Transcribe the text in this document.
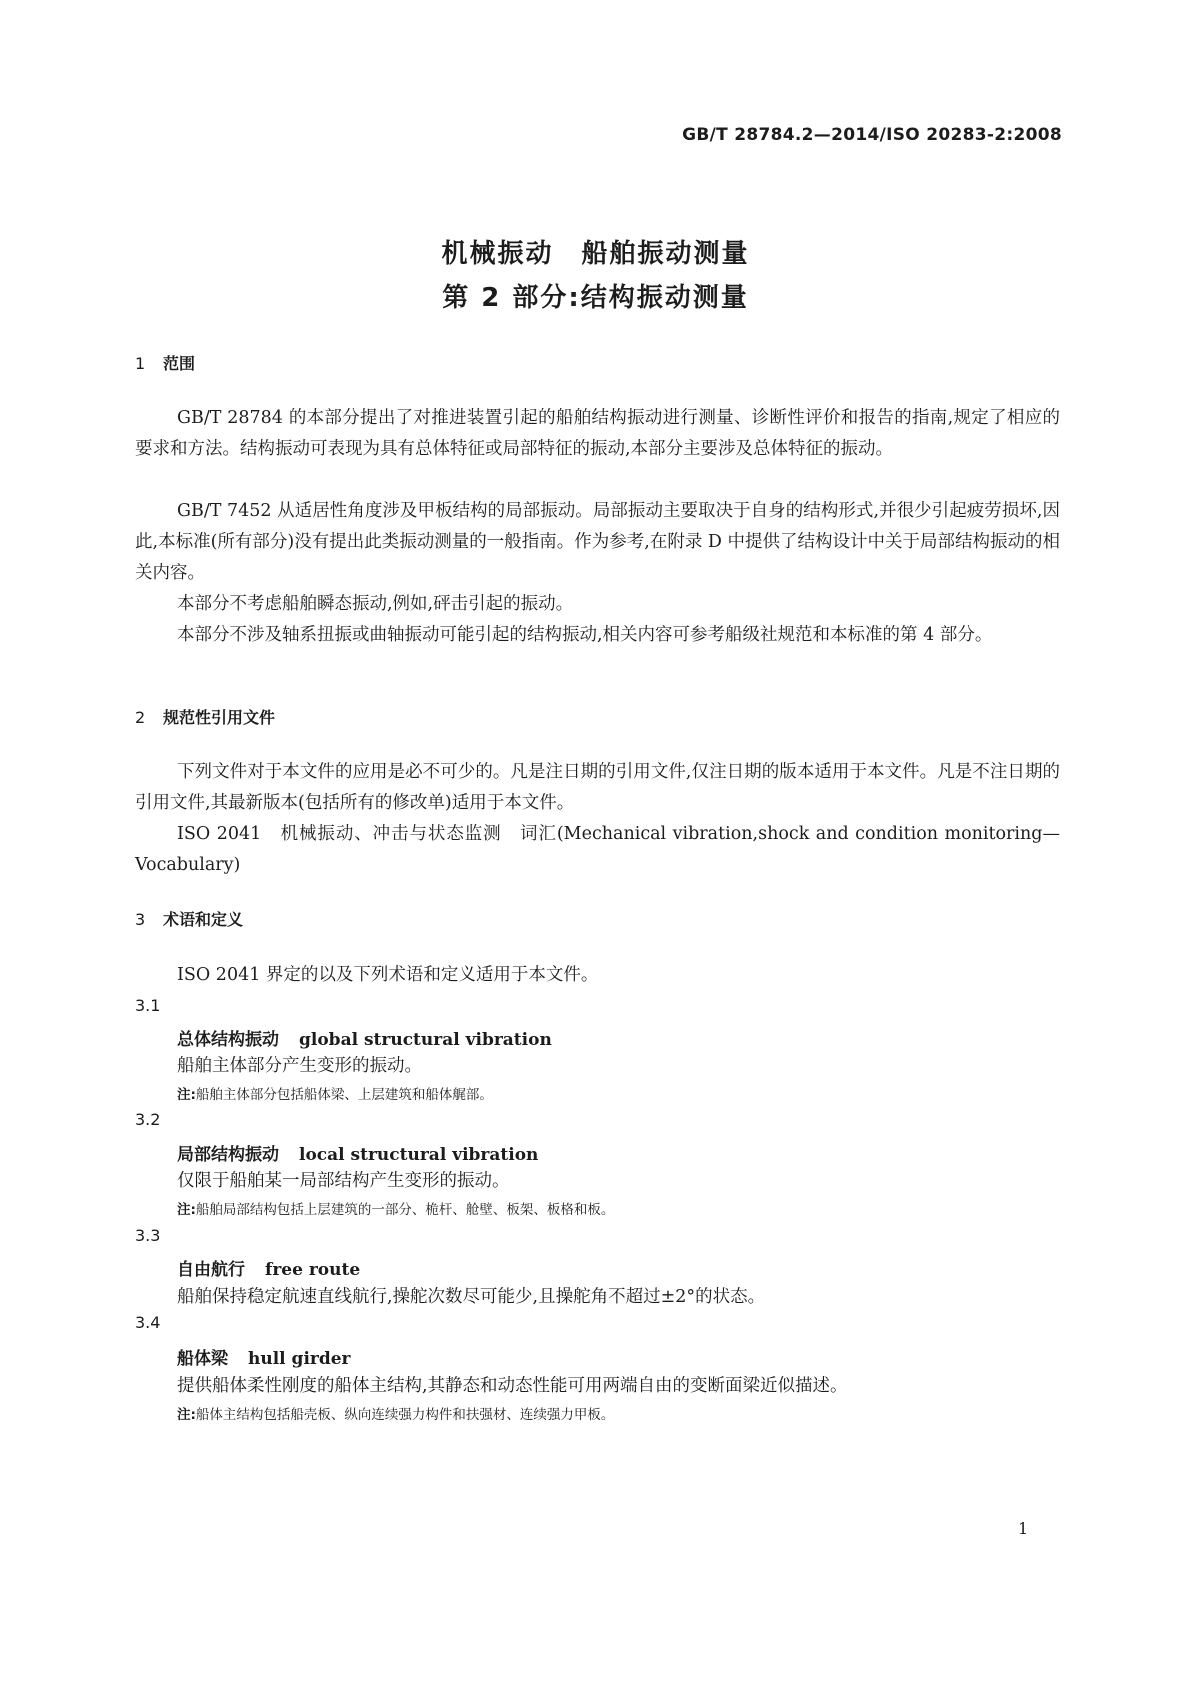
GB/T 28784.2—2014/ISO 20283-2:2008
机械振动　船舶振动测量
第 2 部分:结构振动测量
1 范围
GB/T 28784 的本部分提出了对推进装置引起的船舶结构振动进行测量、诊断性评价和报告的指南,规定了相应的要求和方法。结构振动可表现为具有总体特征或局部特征的振动,本部分主要涉及总体特征的振动。
GB/T 7452 从适居性角度涉及甲板结构的局部振动。局部振动主要取决于自身的结构形式,并很少引起疲劳损坏,因此,本标准(所有部分)没有提出此类振动测量的一般指南。作为参考,在附录 D 中提供了结构设计中关于局部结构振动的相关内容。
本部分不考虑船舶瞬态振动,例如,砰击引起的振动。
本部分不涉及轴系扭振或曲轴振动可能引起的结构振动,相关内容可参考船级社规范和本标准的第 4 部分。
2 规范性引用文件
下列文件对于本文件的应用是必不可少的。凡是注日期的引用文件,仅注日期的版本适用于本文件。凡是不注日期的引用文件,其最新版本(包括所有的修改单)适用于本文件。
ISO 2041　机械振动、冲击与状态监测　词汇(Mechanical vibration,shock and condition monitoring—Vocabulary)
3 术语和定义
ISO 2041 界定的以及下列术语和定义适用于本文件。
3.1
总体结构振动 global structural vibration
船舶主体部分产生变形的振动。
注:船舶主体部分包括船体梁、上层建筑和船体艉部。
3.2
局部结构振动 local structural vibration
仅限于船舶某一局部结构产生变形的振动。
注:船舶局部结构包括上层建筑的一部分、桅杆、舱壁、板架、板格和板。
3.3
自由航行 free route
船舶保持稳定航速直线航行,操舵次数尽可能少,且操舵角不超过±2°的状态。
3.4
船体梁 hull girder
提供船体柔性刚度的船体主结构,其静态和动态性能可用两端自由的变断面梁近似描述。
注:船体主结构包括船壳板、纵向连续强力构件和扶强材、连续强力甲板。
1
